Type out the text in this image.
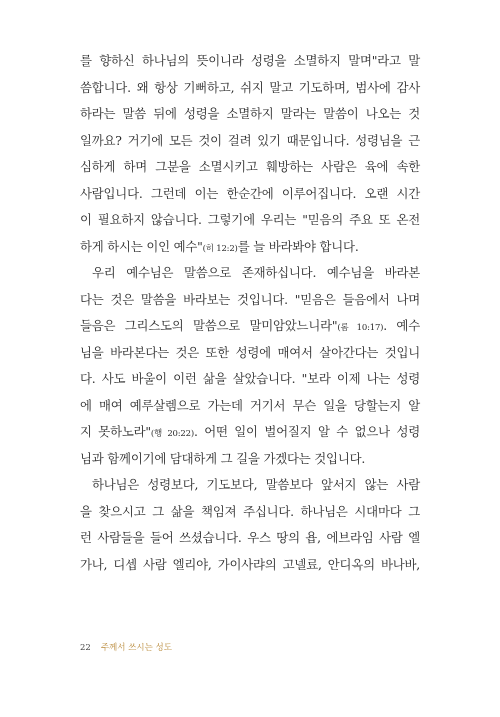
를 향하신 하나님의 뜻이니라 성령을 소멸하지 말며"라고 말
씀합니다. 왜 항상 기뻐하고, 쉬지 말고 기도하며, 범사에 감사
하라는 말씀 뒤에 성령을 소멸하지 말라는 말씀이 나오는 것
일까요? 거기에 모든 것이 걸려 있기 때문입니다. 성령님을 근
심하게 하며 그분을 소멸시키고 훼방하는 사람은 육에 속한
사람입니다. 그런데 이는 한순간에 이루어집니다. 오랜 시간
이 필요하지 않습니다. 그렇기에 우리는 "믿음의 주요 또 온전
하게 하시는 이인 예수"(히 12:2)를 늘 바라봐야 합니다.
우리 예수님은 말씀으로 존재하십니다. 예수님을 바라본
다는 것은 말씀을 바라보는 것입니다. "믿음은 들음에서 나며
들음은 그리스도의 말씀으로 말미암았느니라"(롬 10:17). 예수
님을 바라본다는 것은 또한 성령에 매여서 살아간다는 것입니
다. 사도 바울이 이런 삶을 살았습니다. "보라 이제 나는 성령
에 매여 예루살렘으로 가는데 거기서 무슨 일을 당할는지 알
지 못하노라"(행 20:22). 어떤 일이 벌어질지 알 수 없으나 성령
님과 함께이기에 담대하게 그 길을 가겠다는 것입니다.
하나님은 성령보다, 기도보다, 말씀보다 앞서지 않는 사람
을 찾으시고 그 삶을 책임져 주십니다. 하나님은 시대마다 그
런 사람들을 들어 쓰셨습니다. 우스 땅의 욥, 에브라임 사람 엘
가나, 디셉 사람 엘리야, 가이사랴의 고넬료, 안디옥의 바나바,
22 주께서 쓰시는 성도
